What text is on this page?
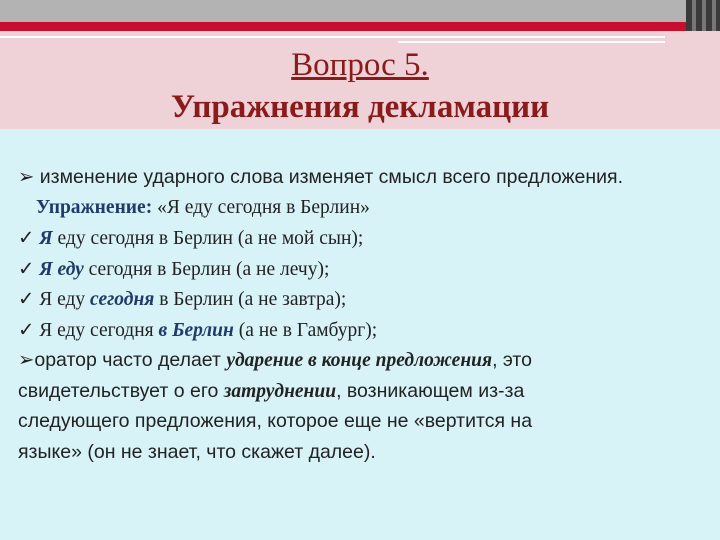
Вопрос 5.
Упражнения декламации
➢ изменение ударного слова изменяет смысл всего предложения.
Упражнение: «Я еду сегодня в Берлин»
✓ Я еду сегодня в Берлин (а не мой сын);
✓ Я еду сегодня в Берлин (а не лечу);
✓ Я еду сегодня в Берлин (а не завтра);
✓ Я еду сегодня в Берлин (а не в Гамбург);
➢оратор часто делает ударение в конце предложения, это
свидетельствует о его затруднении, возникающем из-за
следующего предложения, которое еще не «вертится на
языке» (он не знает, что скажет далее).
